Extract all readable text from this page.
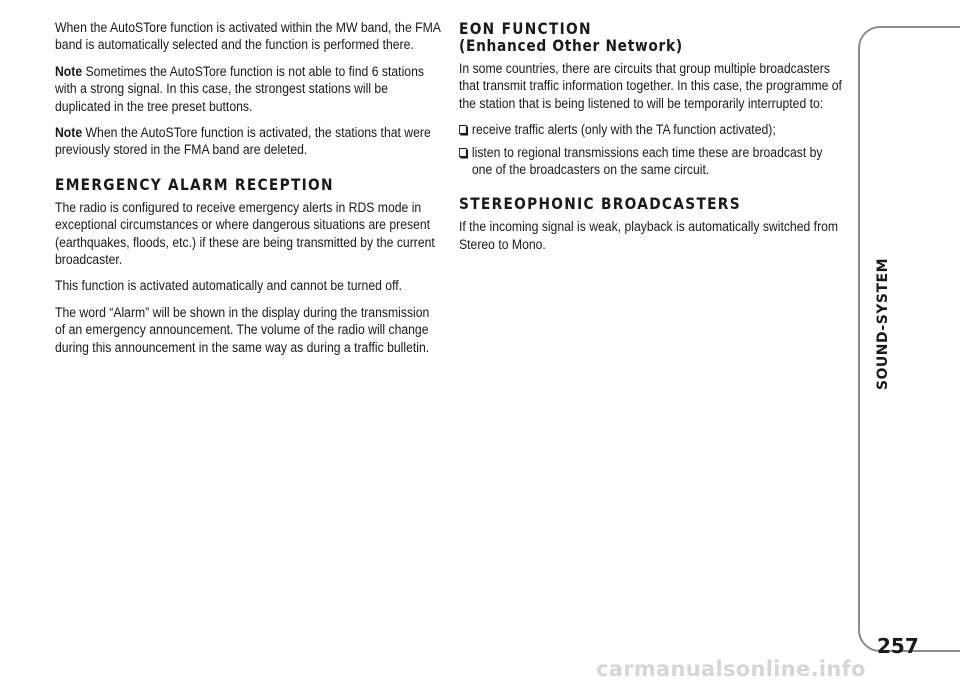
When the AutoSTore function is activated within the MW band, the FMA band is automatically selected and the function is performed there.

Note Sometimes the AutoSTore function is not able to find 6 stations with a strong signal. In this case, the strongest stations will be duplicated in the tree preset buttons.

Note When the AutoSTore function is activated, the stations that were previously stored in the FMA band are deleted.

EMERGENCY ALARM RECEPTION

The radio is configured to receive emergency alerts in RDS mode in exceptional circumstances or where dangerous situations are present (earthquakes, floods, etc.) if these are being transmitted by the current broadcaster.

This function is activated automatically and cannot be turned off.

The word “Alarm” will be shown in the display during the transmission of an emergency announcement. The volume of the radio will change during this announcement in the same way as during a traffic bulletin.

EON FUNCTION
(Enhanced Other Network)

In some countries, there are circuits that group multiple broadcasters that transmit traffic information together. In this case, the programme of the station that is being listened to will be temporarily interrupted to:

receive traffic alerts (only with the TA function activated);
listen to regional transmissions each time these are broadcast by one of the broadcasters on the same circuit.
STEREOPHONIC BROADCASTERS

If the incoming signal is weak, playback is automatically switched from Stereo to Mono.

SOUND-SYSTEM
257
carmanualsonline.info
